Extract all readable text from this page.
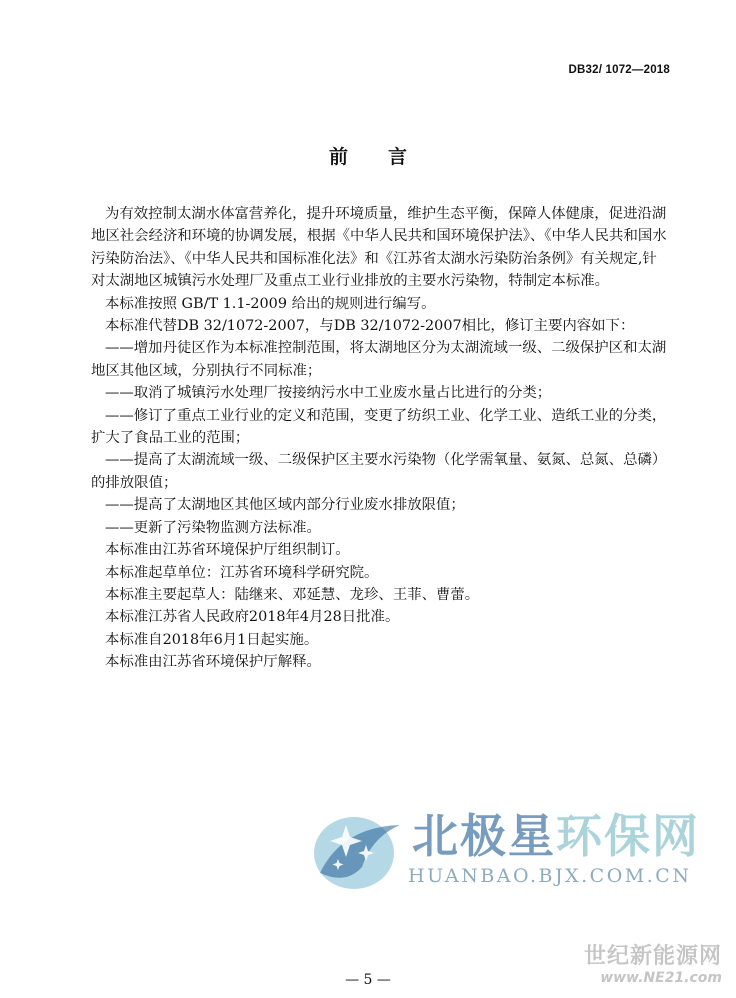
DB32/ 1072—2018
前言

为有效控制太湖水体富营养化，提升环境质量，维护生态平衡，保障人体健康，促进沿湖地区社会经济和环境的协调发展，根据《中华人民共和国环境保护法》、《中华人民共和国水污染防治法》、《中华人民共和国标准化法》和《江苏省太湖水污染防治条例》有关规定,针对太湖地区城镇污水处理厂及重点工业行业排放的主要水污染物，特制定本标准。

本标准按照 GB/T 1.1-2009 给出的规则进行编写。

本标准代替DB 32/1072-2007，与DB 32/1072-2007相比，修订主要内容如下：

——增加丹徒区作为本标准控制范围，将太湖地区分为太湖流域一级、二级保护区和太湖地区其他区域，分别执行不同标准；

——取消了城镇污水处理厂按接纳污水中工业废水量占比进行的分类；

——修订了重点工业行业的定义和范围，变更了纺织工业、化学工业、造纸工业的分类，扩大了食品工业的范围；

——提高了太湖流域一级、二级保护区主要水污染物（化学需氧量、氨氮、总氮、总磷）的排放限值；

——提高了太湖地区其他区域内部分行业废水排放限值；

——更新了污染物监测方法标准。

本标准由江苏省环境保护厅组织制订。

本标准起草单位：江苏省环境科学研究院。

本标准主要起草人：陆继来、邓延慧、龙珍、王菲、曹蕾。

本标准江苏省人民政府2018年4月28日批准。

本标准自2018年6月1日起实施。

本标准由江苏省环境保护厅解释。

北极星环保网
HUANBAO.BJX.COM.CN
世纪新能源网
www.NE21.com
— 5 —
